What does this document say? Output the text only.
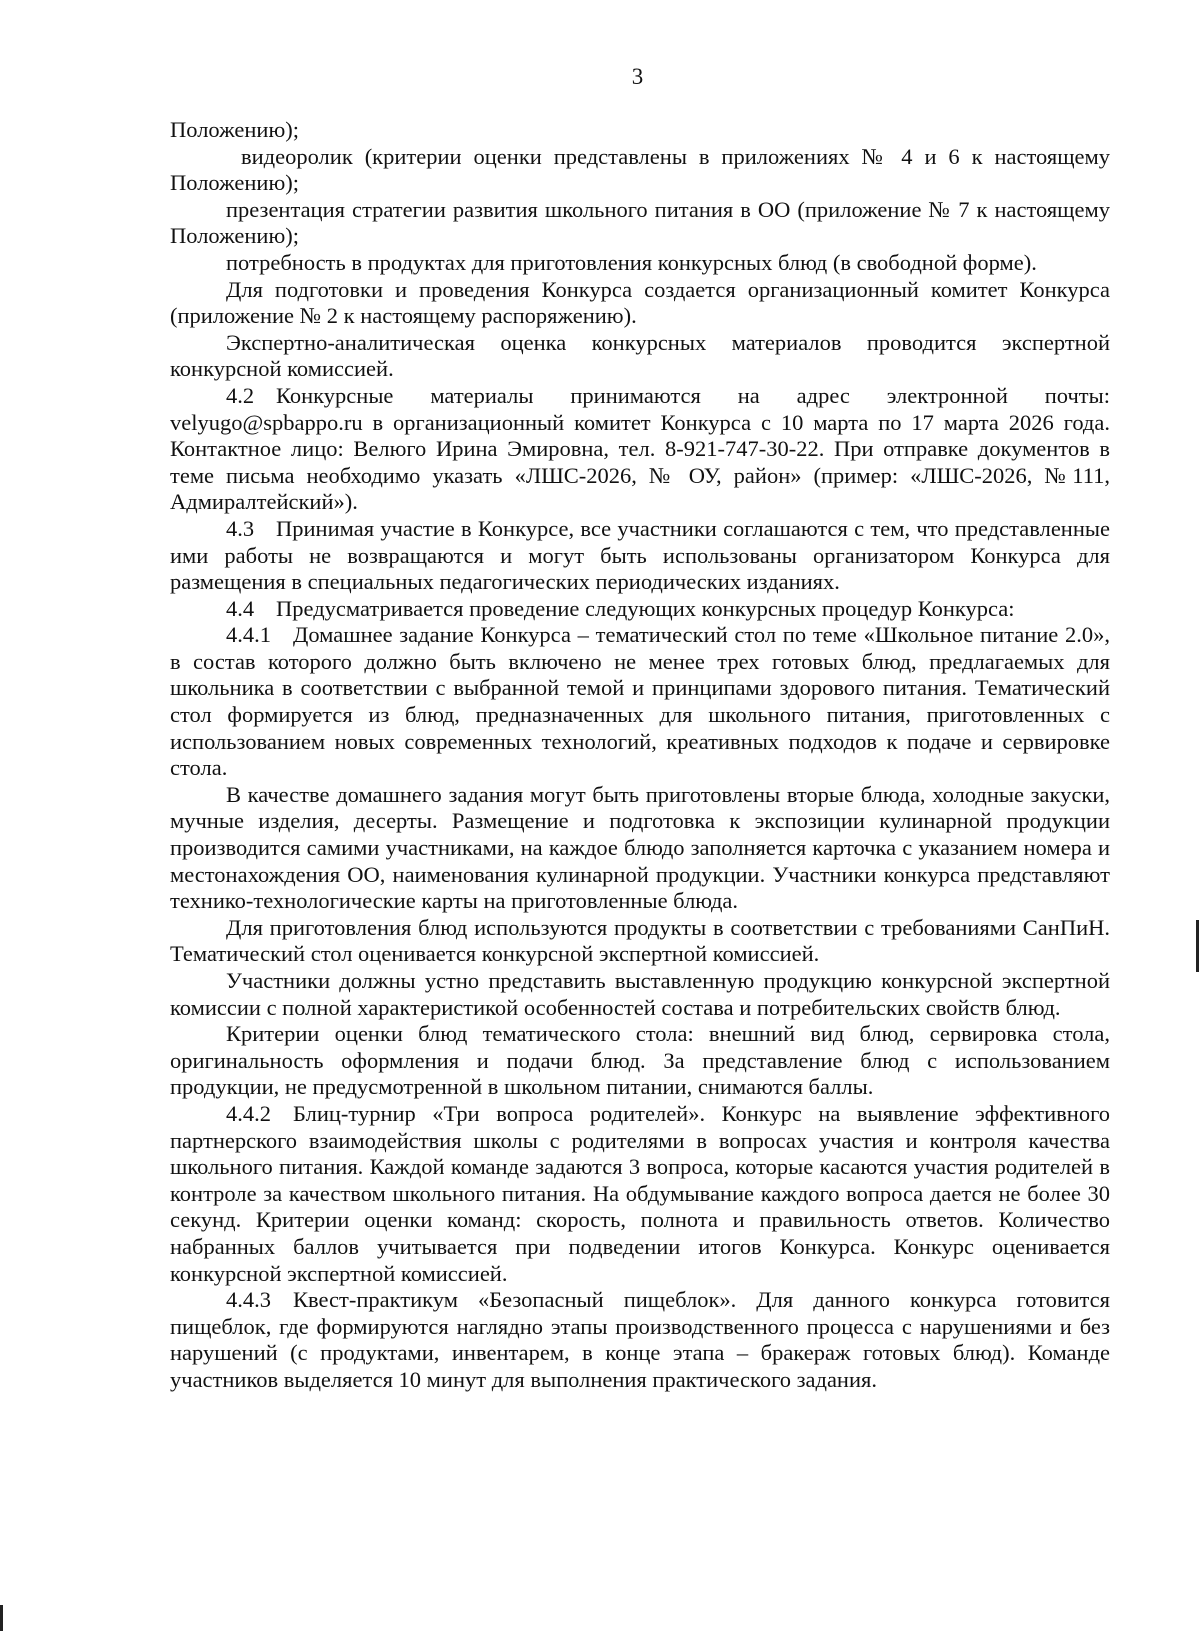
3

Положению);

видеоролик (критерии оценки представлены в приложениях № 4 и 6 к настоящему Положению);

презентация стратегии развития школьного питания в ОО (приложение № 7 к настоящему Положению);

потребность в продуктах для приготовления конкурсных блюд (в свободной форме).

Для подготовки и проведения Конкурса создается организационный комитет Конкурса (приложение № 2 к настоящему распоряжению).

Экспертно-аналитическая оценка конкурсных материалов проводится экспертной конкурсной комиссией.

4.2 Конкурсные материалы принимаются на адрес электронной почты: velyugo@spbappo.ru в организационный комитет Конкурса с 10 марта по 17 марта 2026 года. Контактное лицо: Велюго Ирина Эмировна, тел. 8-921-747-30-22. При отправке документов в теме письма необходимо указать «ЛШС-2026, № ОУ, район» (пример: «ЛШС-2026, №111, Адмиралтейский»).

4.3 Принимая участие в Конкурсе, все участники соглашаются с тем, что представленные ими работы не возвращаются и могут быть использованы организатором Конкурса для размещения в специальных педагогических периодических изданиях.

4.4 Предусматривается проведение следующих конкурсных процедур Конкурса:

4.4.1 Домашнее задание Конкурса – тематический стол по теме «Школьное питание 2.0», в состав которого должно быть включено не менее трех готовых блюд, предлагаемых для школьника в соответствии с выбранной темой и принципами здорового питания. Тематический стол формируется из блюд, предназначенных для школьного питания, приготовленных с использованием новых современных технологий, креативных подходов к подаче и сервировке стола.

В качестве домашнего задания могут быть приготовлены вторые блюда, холодные закуски, мучные изделия, десерты. Размещение и подготовка к экспозиции кулинарной продукции производится самими участниками, на каждое блюдо заполняется карточка с указанием номера и местонахождения ОО, наименования кулинарной продукции. Участники конкурса представляют технико-технологические карты на приготовленные блюда.

Для приготовления блюд используются продукты в соответствии с требованиями СанПиН. Тематический стол оценивается конкурсной экспертной комиссией.

Участники должны устно представить выставленную продукцию конкурсной экспертной комиссии с полной характеристикой особенностей состава и потребительских свойств блюд.

Критерии оценки блюд тематического стола: внешний вид блюд, сервировка стола, оригинальность оформления и подачи блюд. За представление блюд с использованием продукции, не предусмотренной в школьном питании, снимаются баллы.

4.4.2 Блиц-турнир «Три вопроса родителей». Конкурс на выявление эффективного партнерского взаимодействия школы с родителями в вопросах участия и контроля качества школьного питания. Каждой команде задаются 3 вопроса, которые касаются участия родителей в контроле за качеством школьного питания. На обдумывание каждого вопроса дается не более 30 секунд. Критерии оценки команд: скорость, полнота и правильность ответов. Количество набранных баллов учитывается при подведении итогов Конкурса. Конкурс оценивается конкурсной экспертной комиссией.

4.4.3 Квест-практикум «Безопасный пищеблок». Для данного конкурса готовится пищеблок, где формируются наглядно этапы производственного процесса с нарушениями и без нарушений (с продуктами, инвентарем, в конце этапа – бракераж готовых блюд). Команде участников выделяется 10 минут для выполнения практического задания.
